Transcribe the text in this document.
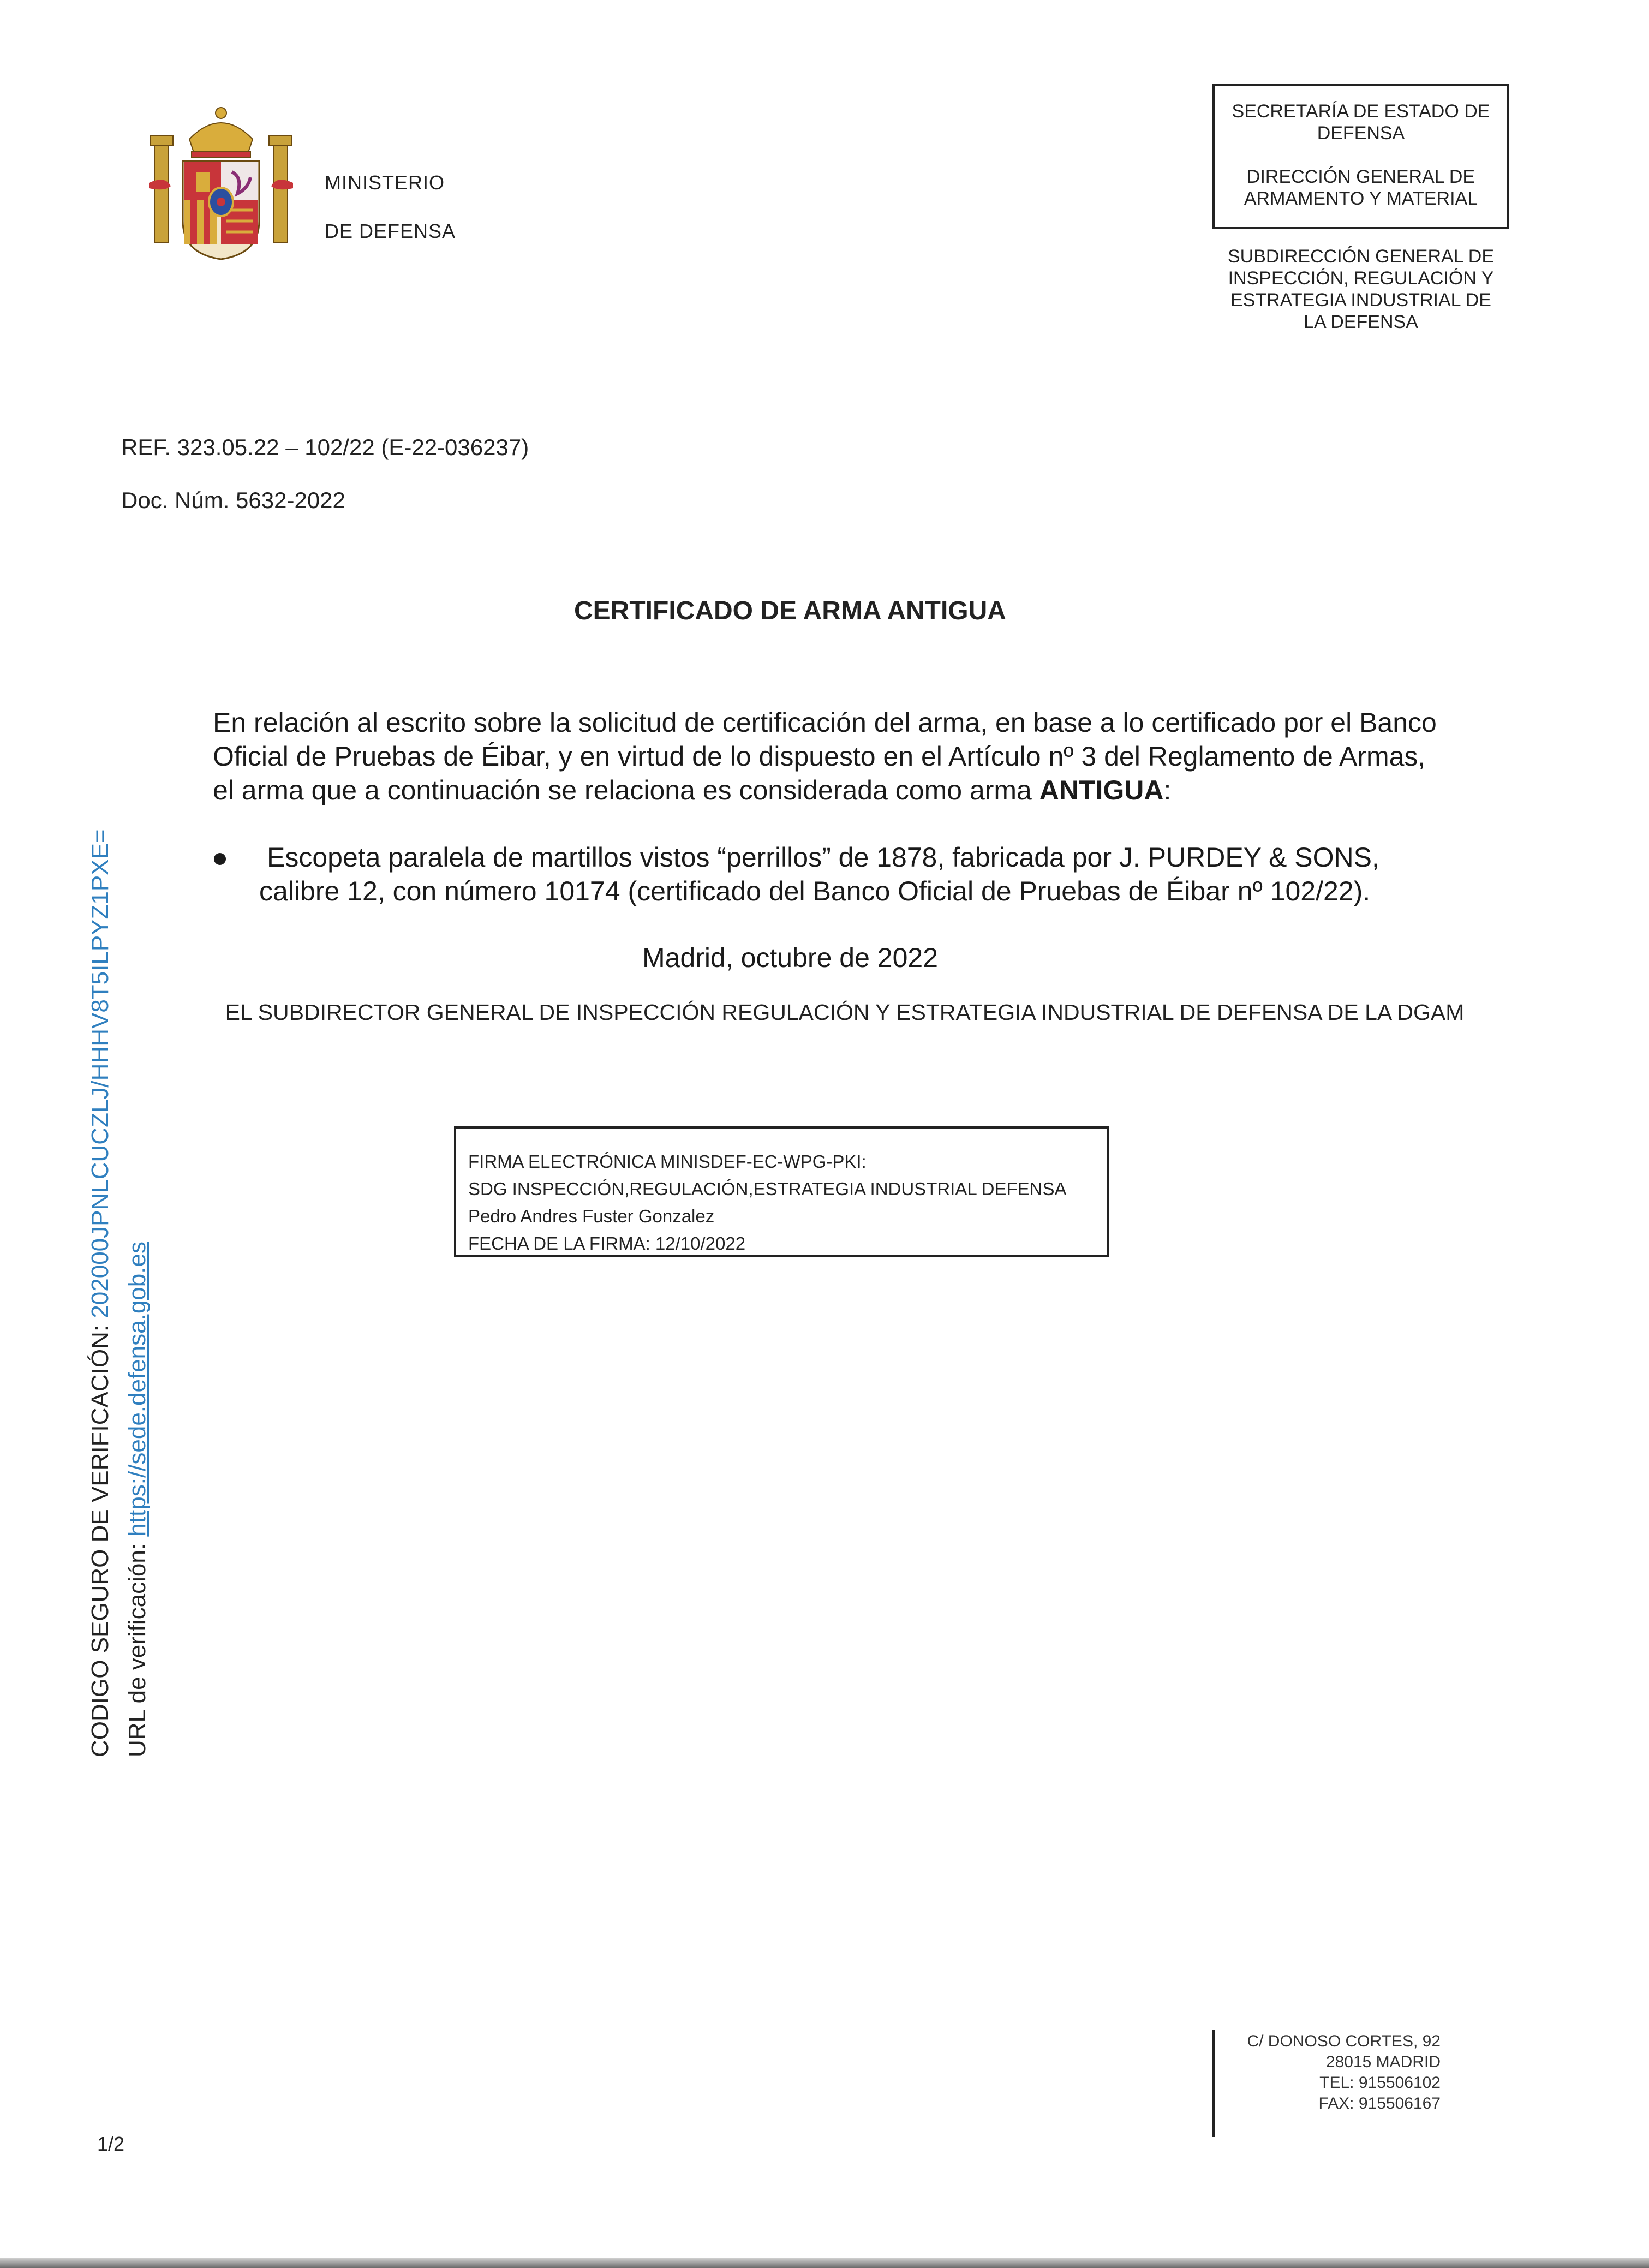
MINISTERIO
DE DEFENSA
SECRETARÍA DE ESTADO DE
DEFENSA
DIRECCIÓN GENERAL DE
ARMAMENTO Y MATERIAL
SUBDIRECCIÓN GENERAL DE
INSPECCIÓN, REGULACIÓN Y
ESTRATEGIA INDUSTRIAL DE
LA DEFENSA
REF. 323.05.22 – 102/22 (E-22-036237)
Doc. Núm. 5632-2022
CERTIFICADO DE ARMA ANTIGUA
En relación al escrito sobre la solicitud de certificación del arma, en base a lo certificado por el Banco Oficial de Pruebas de Éibar, y en virtud de lo dispuesto en el Artículo nº 3 del Reglamento de Armas, el arma que a continuación se relaciona es considerada como arma ANTIGUA:
Escopeta paralela de martillos vistos “perrillos” de 1878, fabricada por J. PURDEY & SONS, calibre 12, con número 10174 (certificado del Banco Oficial de Pruebas de Éibar nº 102/22).
Madrid, octubre de 2022
EL SUBDIRECTOR GENERAL DE INSPECCIÓN REGULACIÓN Y ESTRATEGIA INDUSTRIAL DE DEFENSA DE LA DGAM
FIRMA ELECTRÓNICA MINISDEF-EC-WPG-PKI:
SDG INSPECCIÓN,REGULACIÓN,ESTRATEGIA INDUSTRIAL DEFENSA
Pedro Andres Fuster Gonzalez
FECHA DE LA FIRMA: 12/10/2022
CODIGO SEGURO DE VERIFICACIÓN: 202000JPNLCUCZLJ/HHHV8T5ILPYZ1PXE=
URL de verificación: https://sede.defensa.gob.es
C/ DONOSO CORTES, 92
28015 MADRID
TEL: 915506102
FAX: 915506167
1/2
